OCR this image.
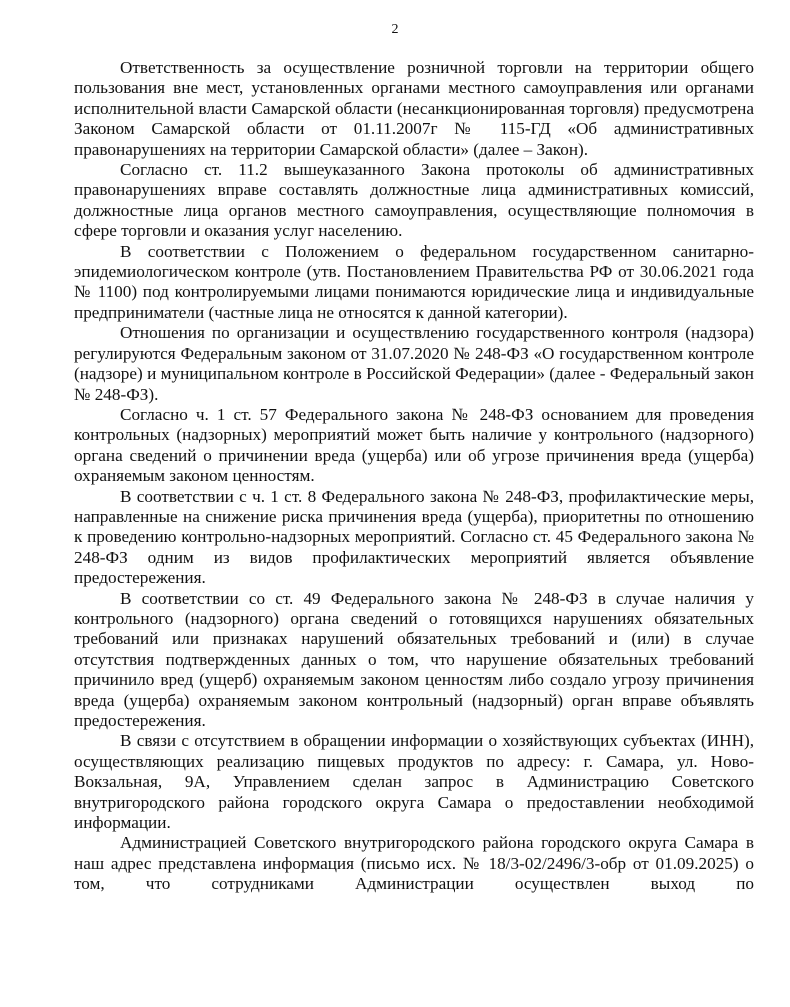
2

Ответственность за осуществление розничной торговли на территории общего пользования вне мест, установленных органами местного самоуправления или органами исполнительной власти Самарской области (несанкционированная торговля) предусмотрена Законом Самарской области от 01.11.2007г № 115-ГД «Об административных правонарушениях на территории Самарской области» (далее – Закон).

Согласно ст. 11.2 вышеуказанного Закона протоколы об административных правонарушениях вправе составлять должностные лица административных комиссий, должностные лица органов местного самоуправления, осуществляющие полномочия в сфере торговли и оказания услуг населению.

В соответствии с Положением о федеральном государственном санитарно-эпидемиологическом контроле (утв. Постановлением Правительства РФ от 30.06.2021 года № 1100) под контролируемыми лицами понимаются юридические лица и индивидуальные предприниматели (частные лица не относятся к данной категории).

Отношения по организации и осуществлению государственного контроля (надзора) регулируются Федеральным законом от 31.07.2020 № 248-ФЗ «О государственном контроле (надзоре) и муниципальном контроле в Российской Федерации» (далее - Федеральный закон № 248-ФЗ).

Согласно ч. 1 ст. 57 Федерального закона № 248-ФЗ основанием для проведения контрольных (надзорных) мероприятий может быть наличие у контрольного (надзорного) органа сведений о причинении вреда (ущерба) или об угрозе причинения вреда (ущерба) охраняемым законом ценностям.

В соответствии с ч. 1 ст. 8 Федерального закона № 248-ФЗ, профилактические меры, направленные на снижение риска причинения вреда (ущерба), приоритетны по отношению к проведению контрольно-надзорных мероприятий. Согласно ст. 45 Федерального закона № 248-ФЗ одним из видов профилактических мероприятий является объявление предостережения.

В соответствии со ст. 49 Федерального закона № 248-ФЗ в случае наличия у контрольного (надзорного) органа сведений о готовящихся нарушениях обязательных требований или признаках нарушений обязательных требований и (или) в случае отсутствия подтвержденных данных о том, что нарушение обязательных требований причинило вред (ущерб) охраняемым законом ценностям либо создало угрозу причинения вреда (ущерба) охраняемым законом контрольный (надзорный) орган вправе объявлять предостережения.

В связи с отсутствием в обращении информации о хозяйствующих субъектах (ИНН), осуществляющих реализацию пищевых продуктов по адресу: г. Самара, ул. Ново-Вокзальная, 9А, Управлением сделан запрос в Администрацию Советского внутригородского района городского округа Самара о предоставлении необходимой информации.

Администрацией Советского внутригородского района городского округа Самара в наш адрес представлена информация (письмо исх. № 18/3-02/2496/3-обр от 01.09.2025) о том, что сотрудниками Администрации осуществлен выход по
